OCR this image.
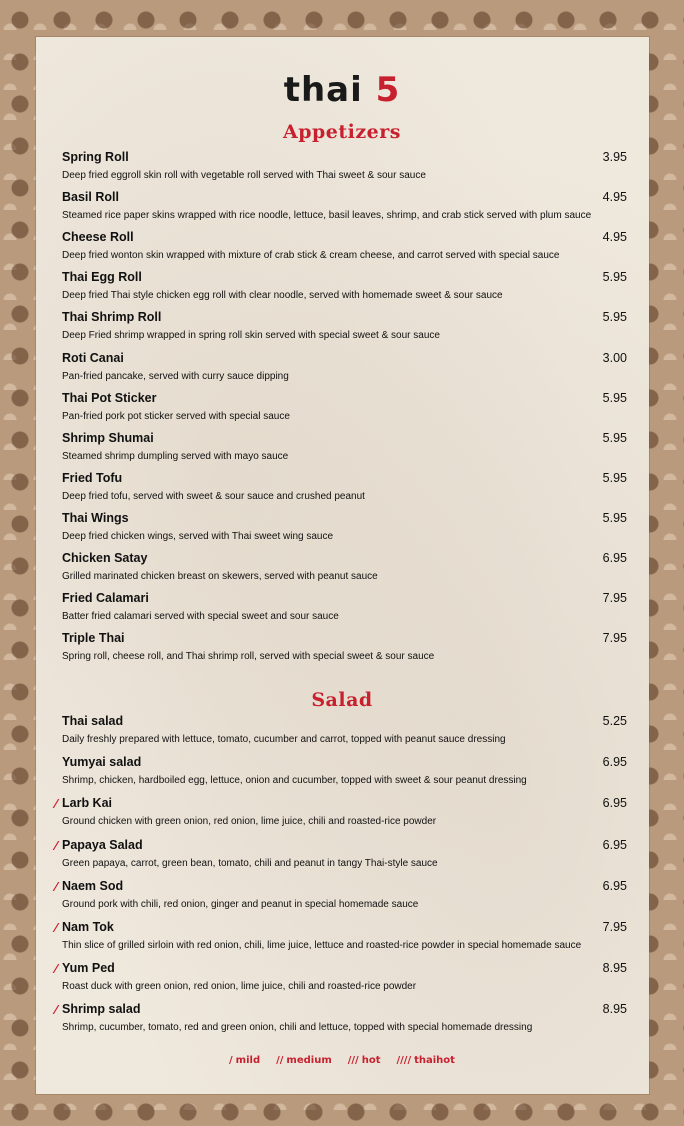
thai 5
Appetizers
Spring Roll	3.95
Deep fried eggroll skin roll with vegetable roll served with Thai sweet & sour sauce
Basil Roll	4.95
Steamed rice paper skins wrapped with rice noodle, lettuce, basil leaves, shrimp, and crab stick served with plum sauce
Cheese Roll	4.95
Deep fried wonton skin wrapped with mixture of crab stick & cream cheese, and carrot served with special sauce
Thai Egg Roll	5.95
Deep fried Thai style chicken egg roll with clear noodle, served with homemade sweet & sour sauce
Thai Shrimp Roll	5.95
Deep Fried shrimp wrapped in spring roll skin served with special sweet & sour sauce
Roti Canai	3.00
Pan-fried pancake, served with curry sauce dipping
Thai Pot Sticker	5.95
Pan-fried pork pot sticker served with special sauce
Shrimp Shumai	5.95
Steamed shrimp dumpling served with mayo sauce
Fried Tofu	5.95
Deep fried tofu, served with sweet & sour sauce and crushed peanut
Thai Wings	5.95
Deep fried chicken wings, served with Thai sweet wing sauce
Chicken Satay	6.95
Grilled marinated chicken breast on skewers, served with peanut sauce
Fried Calamari	7.95
Batter fried calamari served with special sweet and sour sauce
Triple Thai	7.95
Spring roll, cheese roll, and Thai shrimp roll, served with special sweet & sour sauce
Salad
Thai salad	5.25
Daily freshly prepared with lettuce, tomato, cucumber and carrot, topped with peanut sauce dressing
Yumyai salad	6.95
Shrimp, chicken, hardboiled egg, lettuce, onion and cucumber, topped with sweet & sour peanut dressing
⁄ Larb Kai	6.95
Ground chicken with green onion, red onion, lime juice, chili and roasted-rice powder
⁄ Papaya Salad	6.95
Green papaya, carrot, green bean, tomato, chili and peanut in tangy Thai-style sauce
⁄ Naem Sod	6.95
Ground pork with chili, red onion, ginger and peanut in special homemade sauce
⁄ Nam Tok	7.95
Thin slice of grilled sirloin with red onion, chili, lime juice, lettuce and roasted-rice powder in special homemade sauce
⁄ Yum Ped	8.95
Roast duck with green onion, red onion, lime juice, chili and roasted-rice powder
⁄ Shrimp salad	8.95
Shrimp, cucumber, tomato, red and green onion, chili and lettuce, topped with special homemade dressing
/ mild // medium /// hot //// thaihot
